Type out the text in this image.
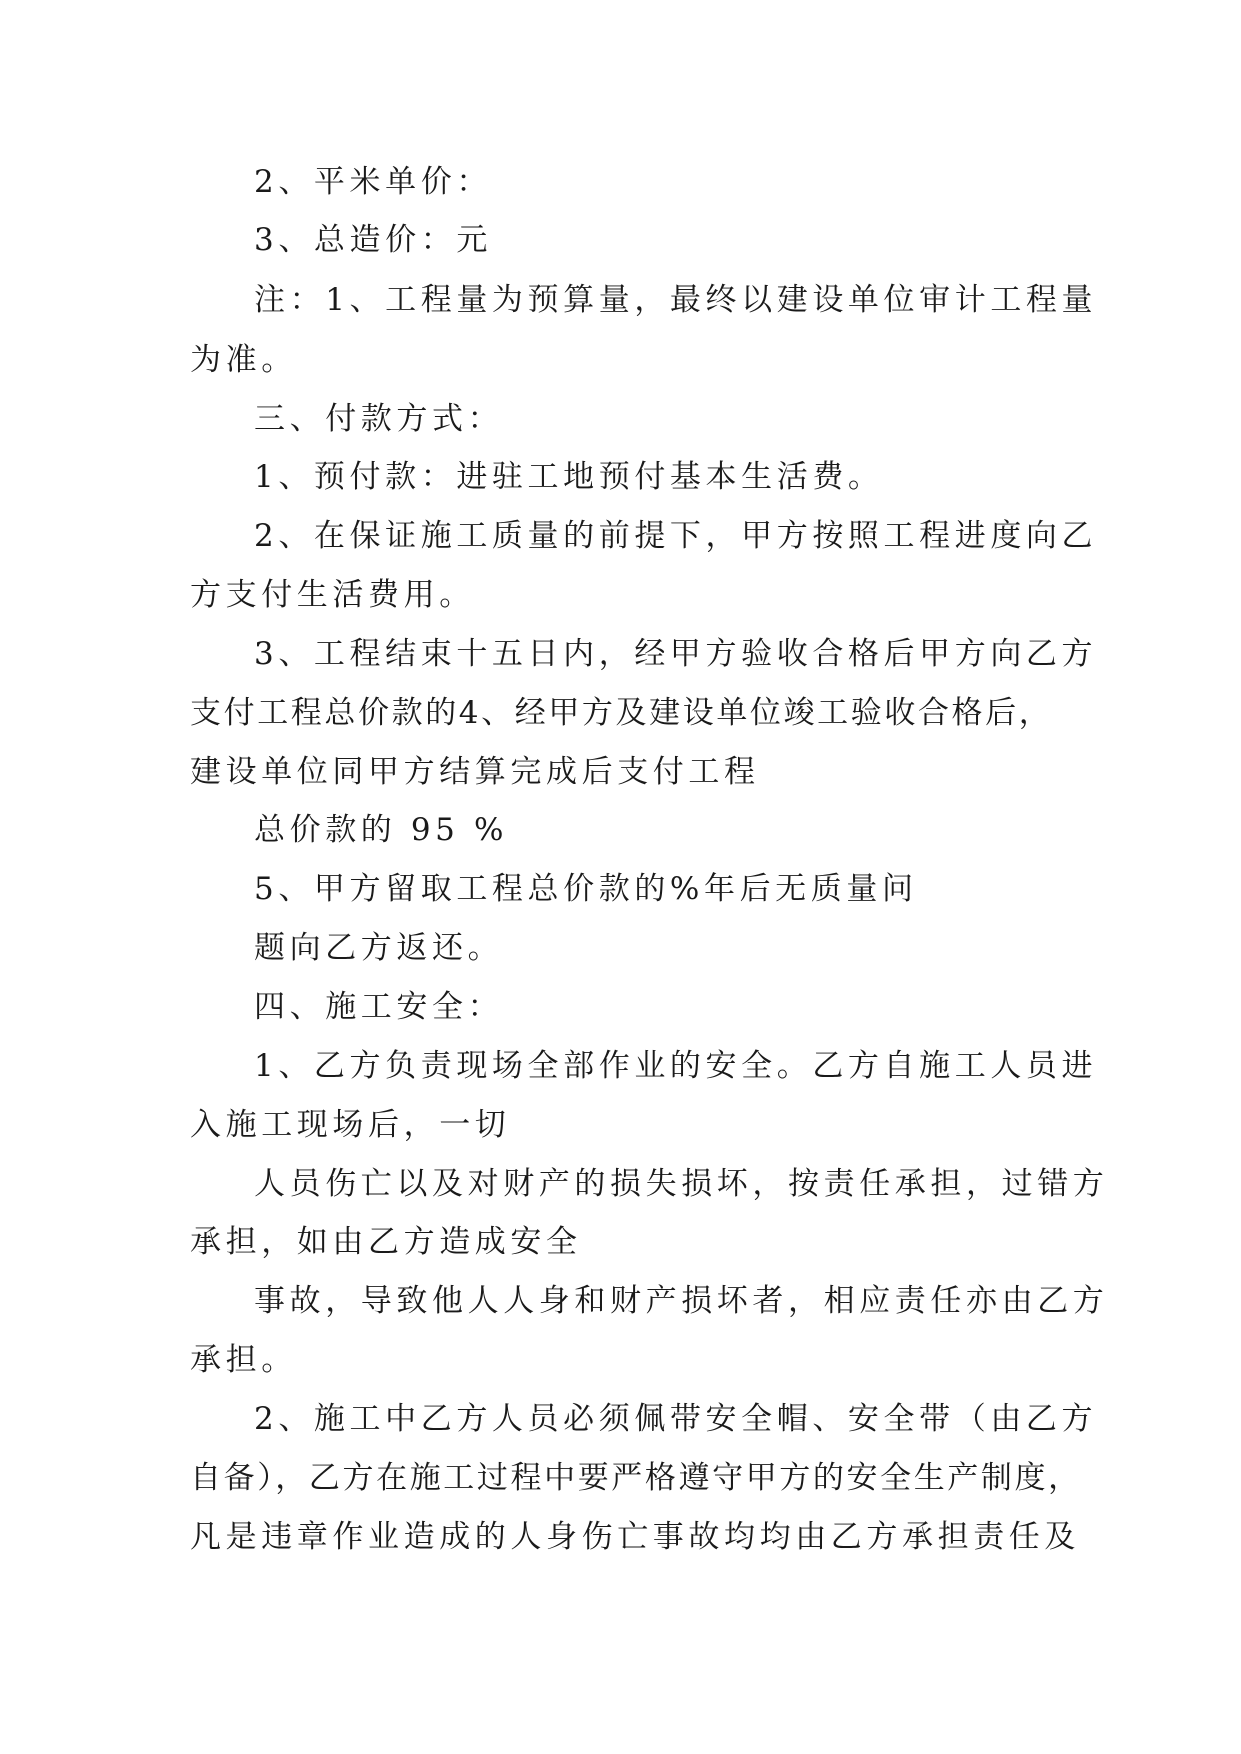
2、平米单价：

3、总造价：元

注：1、工程量为预算量，最终以建设单位审计工程量

为准。

三、付款方式：

1、预付款：进驻工地预付基本生活费。

2、在保证施工质量的前提下，甲方按照工程进度向乙

方支付生活费用。

3、工程结束十五日内，经甲方验收合格后甲方向乙方

支付工程总价款的4、经甲方及建设单位竣工验收合格后，

建设单位同甲方结算完成后支付工程

总价款的 95 %

5、甲方留取工程总价款的%年后无质量问

题向乙方返还。

四、施工安全：

1、乙方负责现场全部作业的安全。乙方自施工人员进

入施工现场后，一切

人员伤亡以及对财产的损失损坏，按责任承担，过错方

承担，如由乙方造成安全

事故，导致他人人身和财产损坏者，相应责任亦由乙方

承担。

2、施工中乙方人员必须佩带安全帽、安全带（由乙方

自备），乙方在施工过程中要严格遵守甲方的安全生产制度，

凡是违章作业造成的人身伤亡事故均均由乙方承担责任及
